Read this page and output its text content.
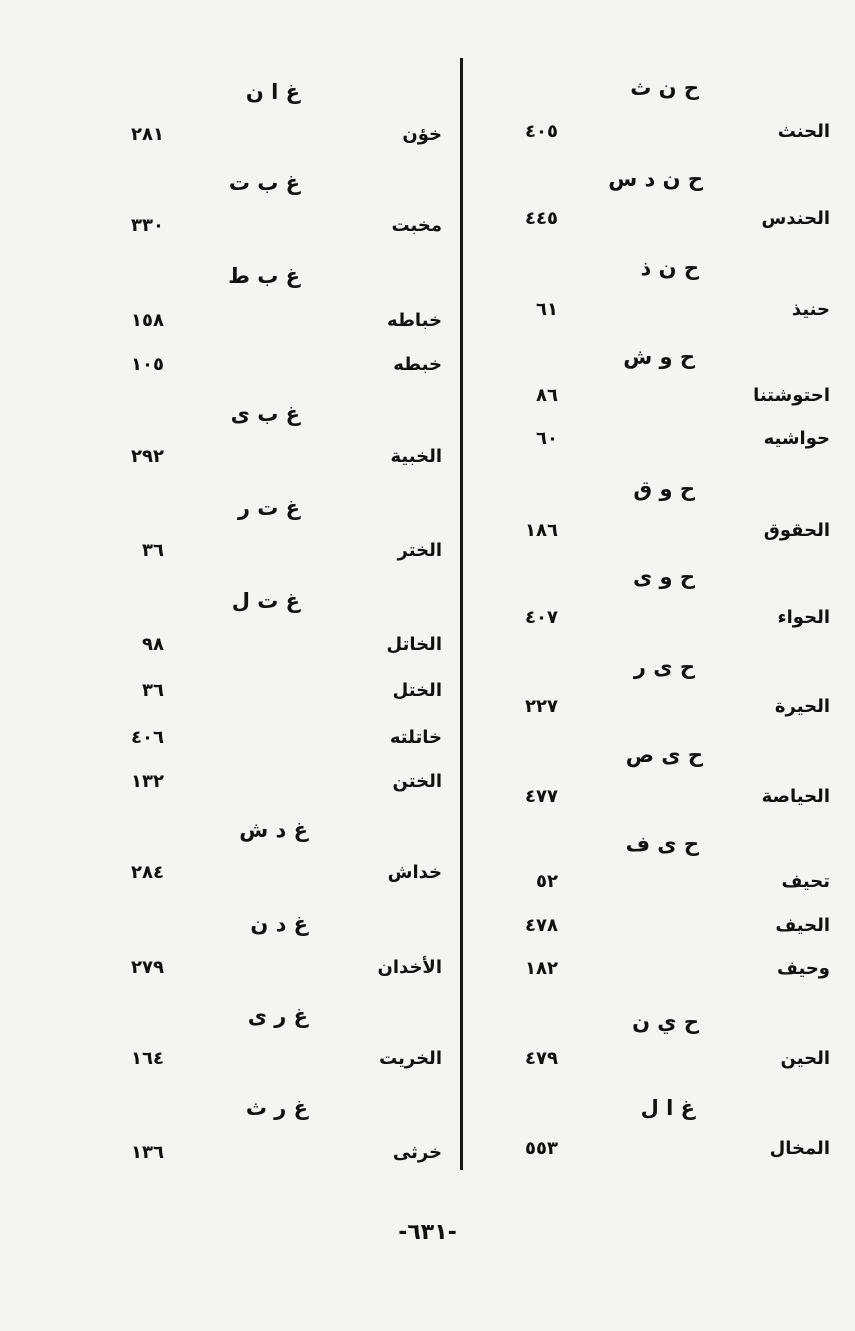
ح ن ث
الحنث
٤٠٥
ح ن د س
الحندس
٤٤٥
ح ن ذ
حنيذ
٦١
ح و ش
احتوشتنا
٨٦
حواشيه
٦٠
ح و ق
الحقوق
١٨٦
ح و ى
الحواء
٤٠٧
ح ى ر
الحيرة
٢٢٧
ح ى ص
الحياصة
٤٧٧
ح ى ف
تحيف
٥٢
الحيف
٤٧٨
وحيف
١٨٢
ح ي ن
الحين
٤٧٩
غ ا ل
المخال
٥٥٣
غ ا ن
خؤن
٢٨١
غ ب ت
مخبت
٣٣٠
غ ب ط
خباطه
١٥٨
خبطه
١٠٥
غ ب ى
الخبية
٢٩٢
غ ت ر
الختر
٣٦
غ ت ل
الخاتل
٩٨
الختل
٣٦
خاتلته
٤٠٦
الختن
١٣٢
غ د ش
خداش
٢٨٤
غ د ن
الأخدان
٢٧٩
غ ر ى
الخريت
١٦٤
غ ر ث
خرثى
١٣٦
-٦٣١-
